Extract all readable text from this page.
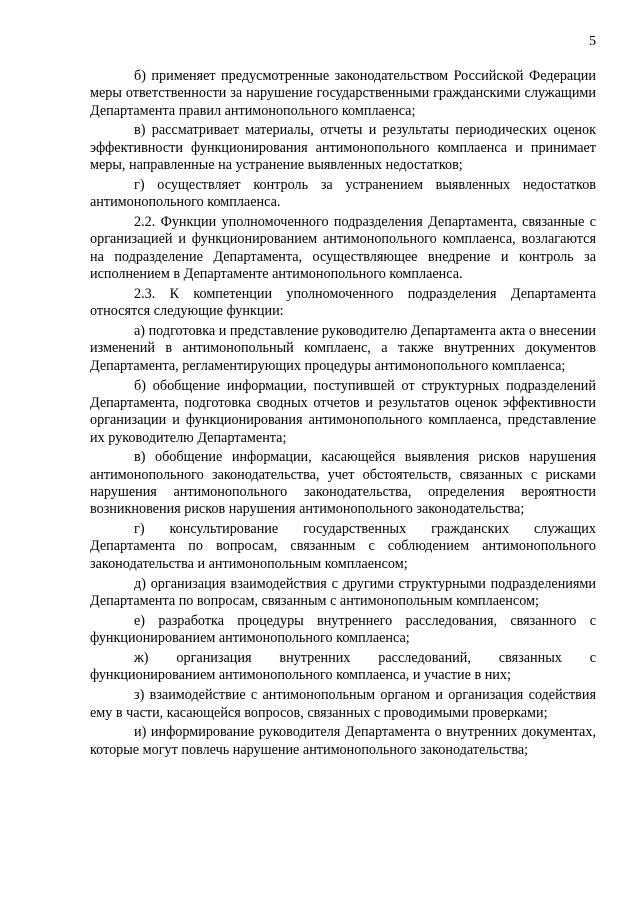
5

б) применяет предусмотренные законодательством Российской Федерации меры ответственности за нарушение государственными гражданскими служащими Департамента правил антимонопольного комплаенса;

в) рассматривает материалы, отчеты и результаты периодических оценок эффективности функционирования антимонопольного комплаенса и принимает меры, направленные на устранение выявленных недостатков;

г) осуществляет контроль за устранением выявленных недостатков антимонопольного комплаенса.

2.2. Функции уполномоченного подразделения Департамента, связанные с организацией и функционированием антимонопольного комплаенса, возлагаются на подразделение Департамента, осуществляющее внедрение и контроль за исполнением в Департаменте антимонопольного комплаенса.

2.3. К компетенции уполномоченного подразделения Департамента относятся следующие функции:

а) подготовка и представление руководителю Департамента акта о внесении изменений в антимонопольный комплаенс, а также внутренних документов Департамента, регламентирующих процедуры антимонопольного комплаенса;

б) обобщение информации, поступившей от структурных подразделений Департамента, подготовка сводных отчетов и результатов оценок эффективности организации и функционирования антимонопольного комплаенса, представление их руководителю Департамента;

в) обобщение информации, касающейся выявления рисков нарушения антимонопольного законодательства, учет обстоятельств, связанных с рисками нарушения антимонопольного законодательства, определения вероятности возникновения рисков нарушения антимонопольного законодательства;

г) консультирование государственных гражданских служащих Департамента по вопросам, связанным с соблюдением антимонопольного законодательства и антимонопольным комплаенсом;

д) организация взаимодействия с другими структурными подразделениями Департамента по вопросам, связанным с антимонопольным комплаенсом;

е) разработка процедуры внутреннего расследования, связанного с функционированием антимонопольного комплаенса;

ж) организация внутренних расследований, связанных с функционированием антимонопольного комплаенса, и участие в них;

з) взаимодействие с антимонопольным органом и организация содействия ему в части, касающейся вопросов, связанных с проводимыми проверками;

и) информирование руководителя Департамента о внутренних документах, которые могут повлечь нарушение антимонопольного законодательства;
